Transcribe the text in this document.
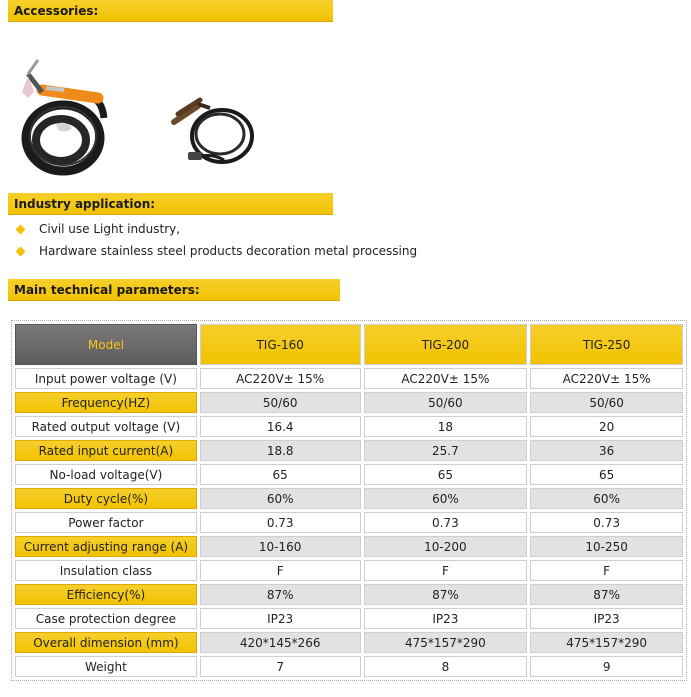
Accessories:
Industry application:
Civil use Light industry,
Hardware stainless steel products decoration metal processing
Main technical parameters:
Model	TIG-160	TIG-200	TIG-250
Input power voltage (V)	AC220V± 15%	AC220V± 15%	AC220V± 15%
Frequency(HZ)	50/60	50/60	50/60
Rated output voltage (V)	16.4	18	20
Rated input current(A)	18.8	25.7	36
No-load voltage(V)	65	65	65
Duty cycle(%)	60%	60%	60%
Power factor	0.73	0.73	0.73
Current adjusting range (A)	10-160	10-200	10-250
Insulation class	F	F	F
Efficiency(%)	87%	87%	87%
Case protection degree	IP23	IP23	IP23
Overall dimension (mm)	420*145*266	475*157*290	475*157*290
Weight	7	8	9
